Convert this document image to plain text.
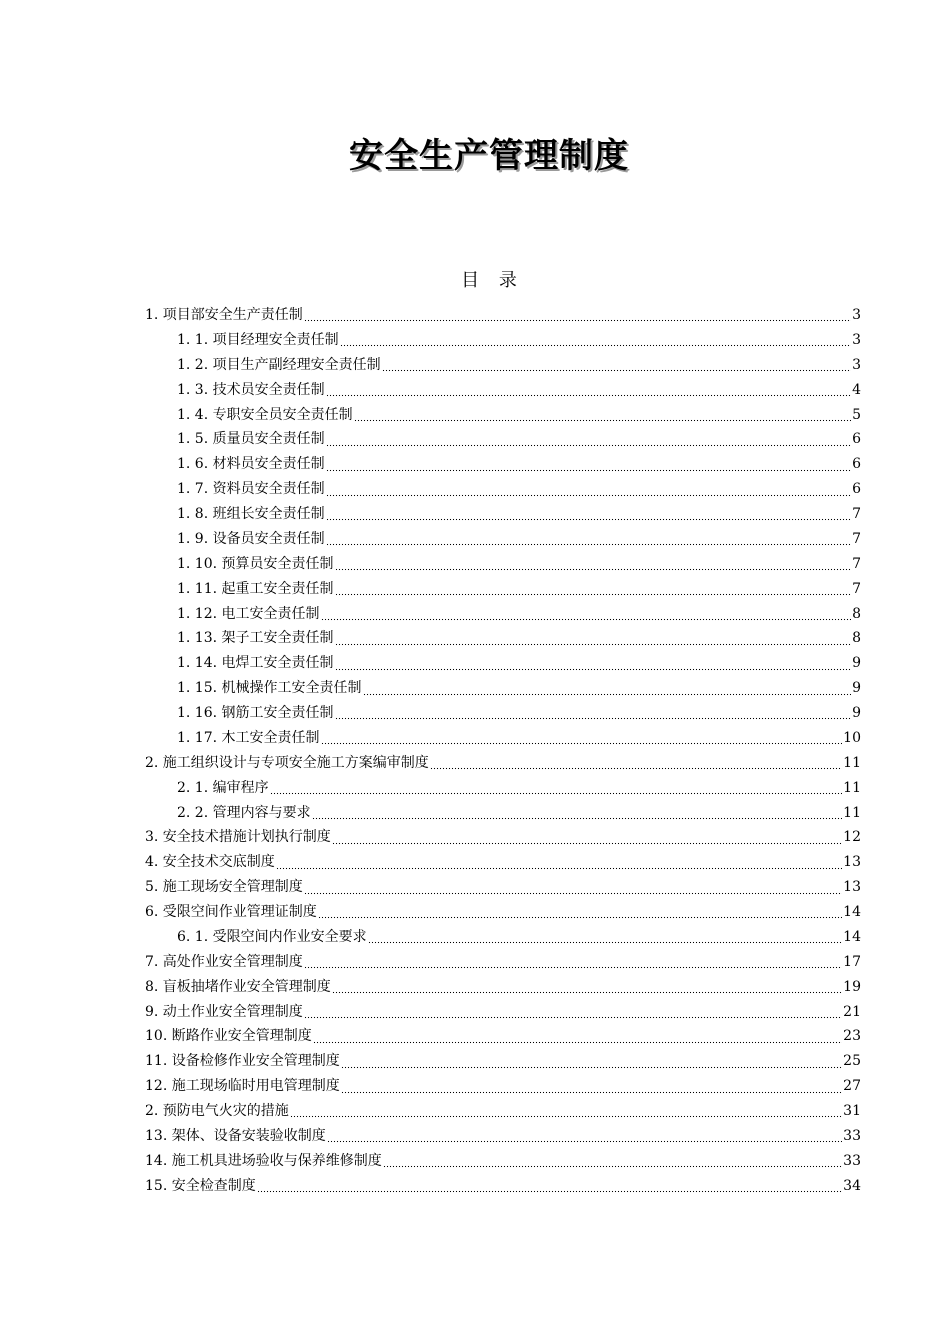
安全生产管理制度
目 录
1. 项目部安全生产责任制	3
1. 1. 项目经理安全责任制	3
1. 2. 项目生产副经理安全责任制	3
1. 3. 技术员安全责任制	4
1. 4. 专职安全员安全责任制	5
1. 5. 质量员安全责任制	6
1. 6. 材料员安全责任制	6
1. 7. 资料员安全责任制	6
1. 8. 班组长安全责任制	7
1. 9. 设备员安全责任制	7
1. 10. 预算员安全责任制	7
1. 11. 起重工安全责任制	7
1. 12. 电工安全责任制	8
1. 13. 架子工安全责任制	8
1. 14. 电焊工安全责任制	9
1. 15. 机械操作工安全责任制	9
1. 16. 钢筋工安全责任制	9
1. 17. 木工安全责任制	10
2. 施工组织设计与专项安全施工方案编审制度	11
2. 1. 编审程序	11
2. 2. 管理内容与要求	11
3. 安全技术措施计划执行制度	12
4. 安全技术交底制度	13
5. 施工现场安全管理制度	13
6. 受限空间作业管理证制度	14
6. 1. 受限空间内作业安全要求	14
7. 高处作业安全管理制度	17
8. 盲板抽堵作业安全管理制度	19
9. 动土作业安全管理制度	21
10. 断路作业安全管理制度	23
11. 设备检修作业安全管理制度	25
12. 施工现场临时用电管理制度	27
2. 预防电气火灾的措施	31
13. 架体、设备安装验收制度	33
14. 施工机具进场验收与保养维修制度	33
15. 安全检查制度	34
